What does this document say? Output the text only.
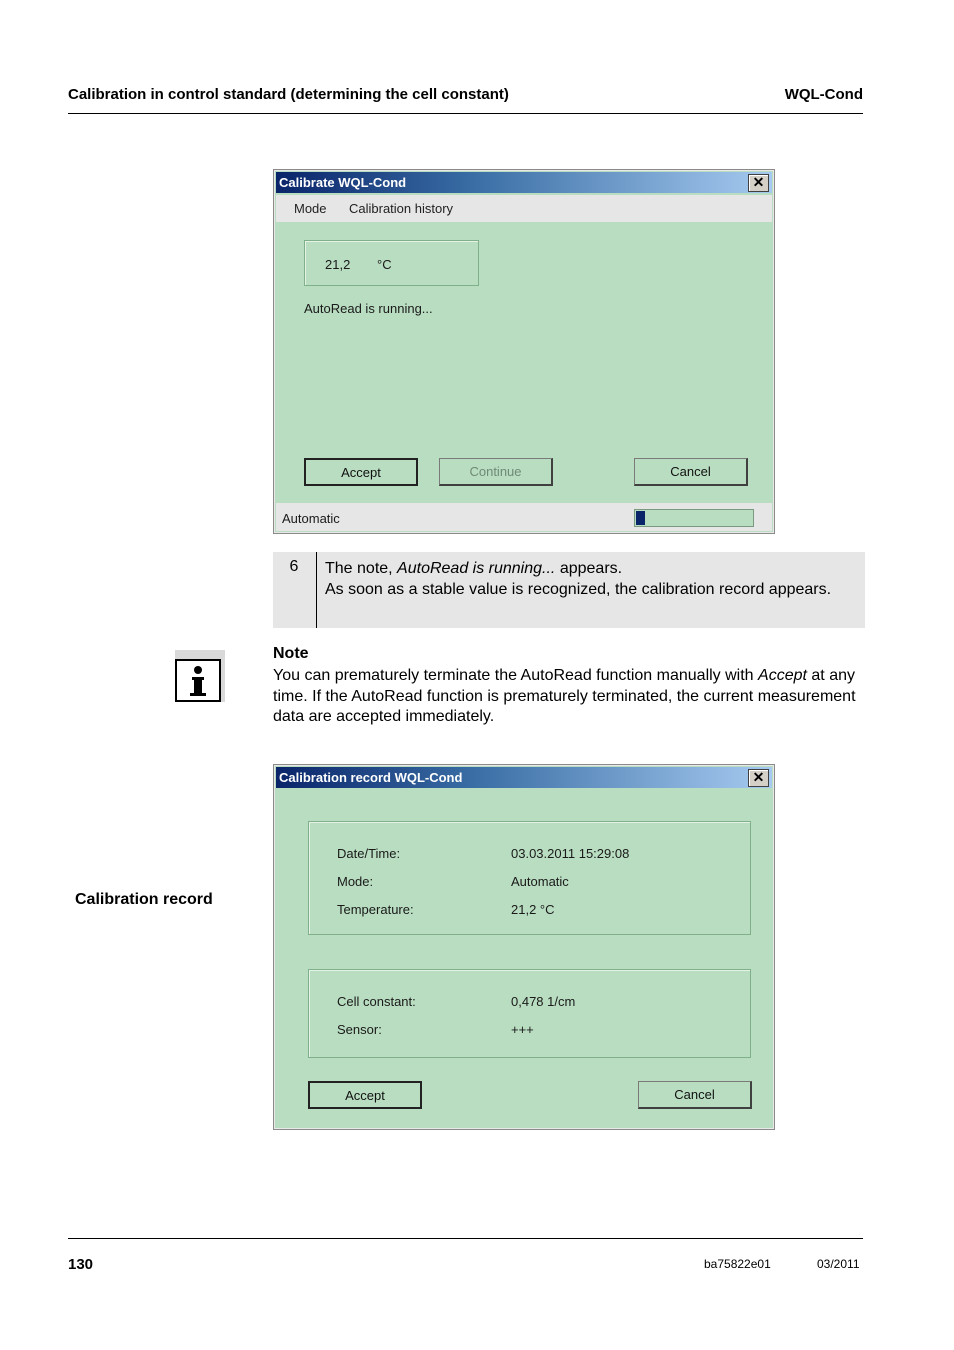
Calibration in control standard (determining the cell constant)	WQL-Cond
Calibrate WQL-Cond	✕
Mode Calibration history
21,2 °C
AutoRead is running...
Accept	Continue	Cancel
Automatic
6	The note, AutoRead is running... appears.
As soon as a stable value is recognized, the calibration record appears.
Note
You can prematurely terminate the AutoRead function manually with Accept at any time. If the AutoRead function is prematurely terminated, the current measurement data are accepted immediately.
Calibration record
Calibration record WQL-Cond	✕
Date/Time:	03.03.2011 15:29:08
Mode:	Automatic
Temperature:	21,2 °C
Cell constant:	0,478 1/cm
Sensor:	+++
Accept	Cancel
130	ba75822e01	03/2011
